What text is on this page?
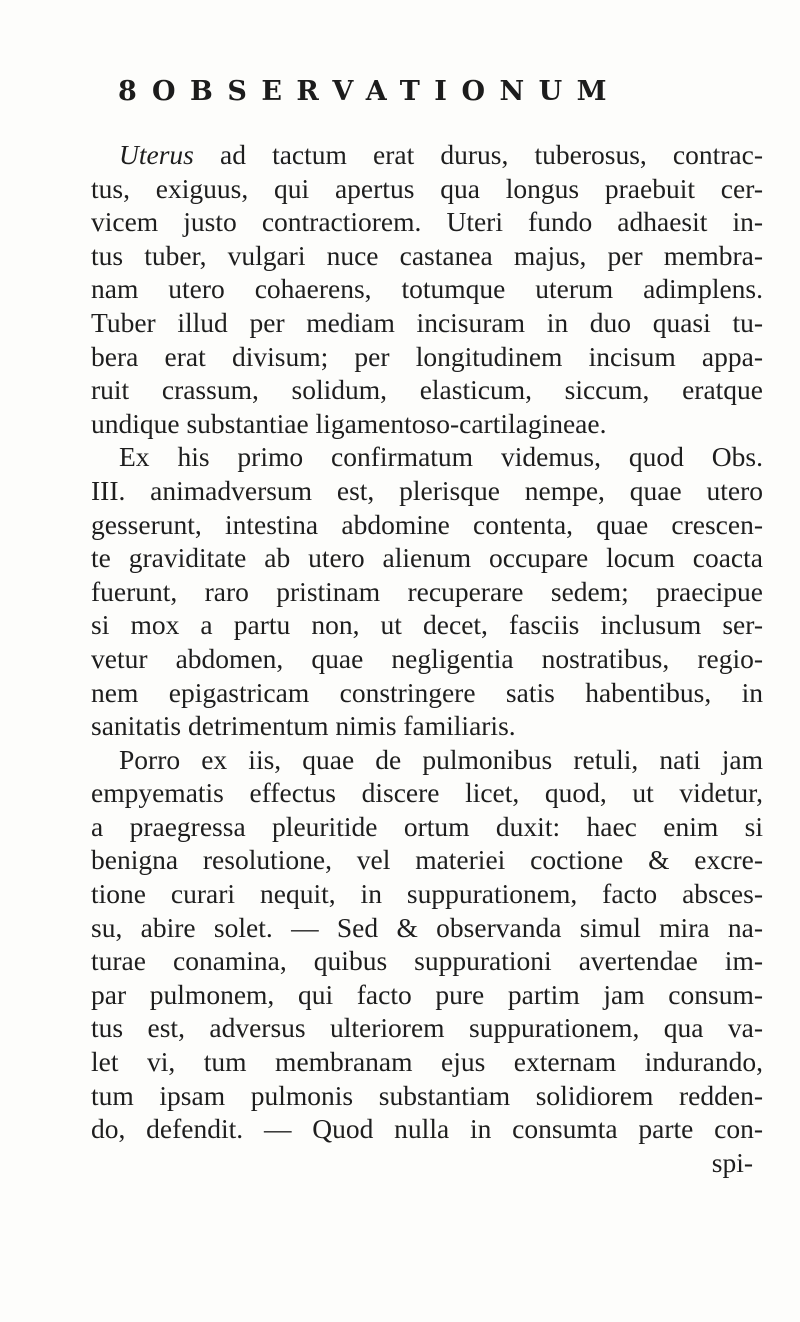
8 OBSERVATIONUM
Uterus ad tactum erat durus, tuberosus, contrac-
tus, exiguus, qui apertus qua longus praebuit cer-
vicem justo contractiorem. Uteri fundo adhaesit in-
tus tuber, vulgari nuce castanea majus, per membra-
nam utero cohaerens, totumque uterum adimplens.
Tuber illud per mediam incisuram in duo quasi tu-
bera erat divisum; per longitudinem incisum appa-
ruit crassum, solidum, elasticum, siccum, eratque
undique substantiae ligamentoso-cartilagineae.
Ex his primo confirmatum videmus, quod Obs.
III. animadversum est, plerisque nempe, quae utero
gesserunt, intestina abdomine contenta, quae crescen-
te graviditate ab utero alienum occupare locum coacta
fuerunt, raro pristinam recuperare sedem; praecipue
si mox a partu non, ut decet, fasciis inclusum ser-
vetur abdomen, quae negligentia nostratibus, regio-
nem epigastricam constringere satis habentibus, in
sanitatis detrimentum nimis familiaris.
Porro ex iis, quae de pulmonibus retuli, nati jam
empyematis effectus discere licet, quod, ut videtur,
a praegressa pleuritide ortum duxit: haec enim si
benigna resolutione, vel materiei coctione & excre-
tione curari nequit, in suppurationem, facto absces-
su, abire solet. — Sed & observanda simul mira na-
turae conamina, quibus suppurationi avertendae im-
par pulmonem, qui facto pure partim jam consum-
tus est, adversus ulteriorem suppurationem, qua va-
let vi, tum membranam ejus externam indurando,
tum ipsam pulmonis substantiam solidiorem redden-
do, defendit. — Quod nulla in consumta parte con-
spi-
